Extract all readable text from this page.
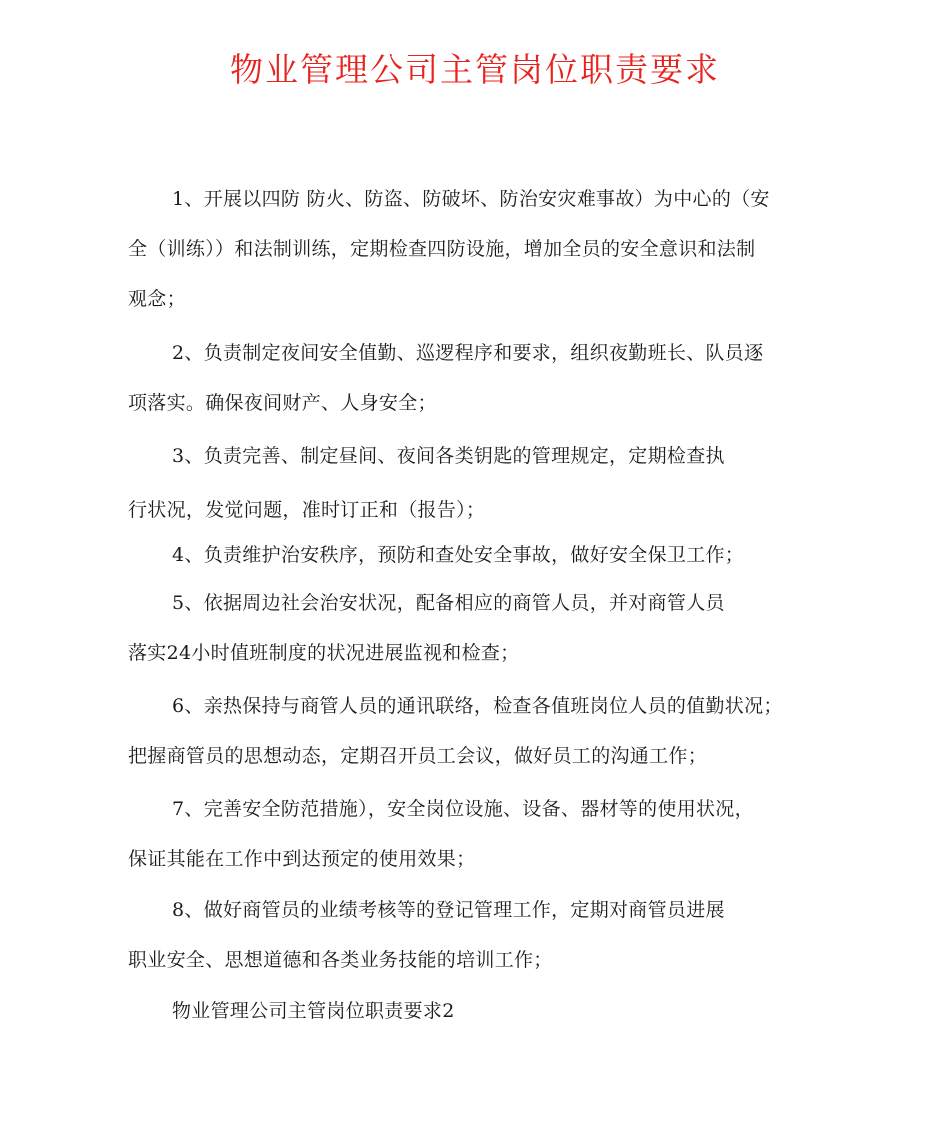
物业管理公司主管岗位职责要求
1、开展以四防 防火、防盗、防破坏、防治安灾难事故）为中心的（安
全（训练））和法制训练，定期检查四防设施，增加全员的安全意识和法制
观念；
2、负责制定夜间安全值勤、巡逻程序和要求，组织夜勤班长、队员逐
项落实。确保夜间财产、人身安全；
3、负责完善、制定昼间、夜间各类钥匙的管理规定，定期检查执
行状况，发觉问题，准时订正和（报告）；
4、负责维护治安秩序，预防和查处安全事故，做好安全保卫工作；
5、依据周边社会治安状况，配备相应的商管人员，并对商管人员
落实24小时值班制度的状况进展监视和检查；
6、亲热保持与商管人员的通讯联络，检查各值班岗位人员的值勤状况；
把握商管员的思想动态，定期召开员工会议，做好员工的沟通工作；
7、完善安全防范措施），安全岗位设施、设备、器材等的使用状况，
保证其能在工作中到达预定的使用效果；
8、做好商管员的业绩考核等的登记管理工作，定期对商管员进展
职业安全、思想道德和各类业务技能的培训工作；
物业管理公司主管岗位职责要求2
